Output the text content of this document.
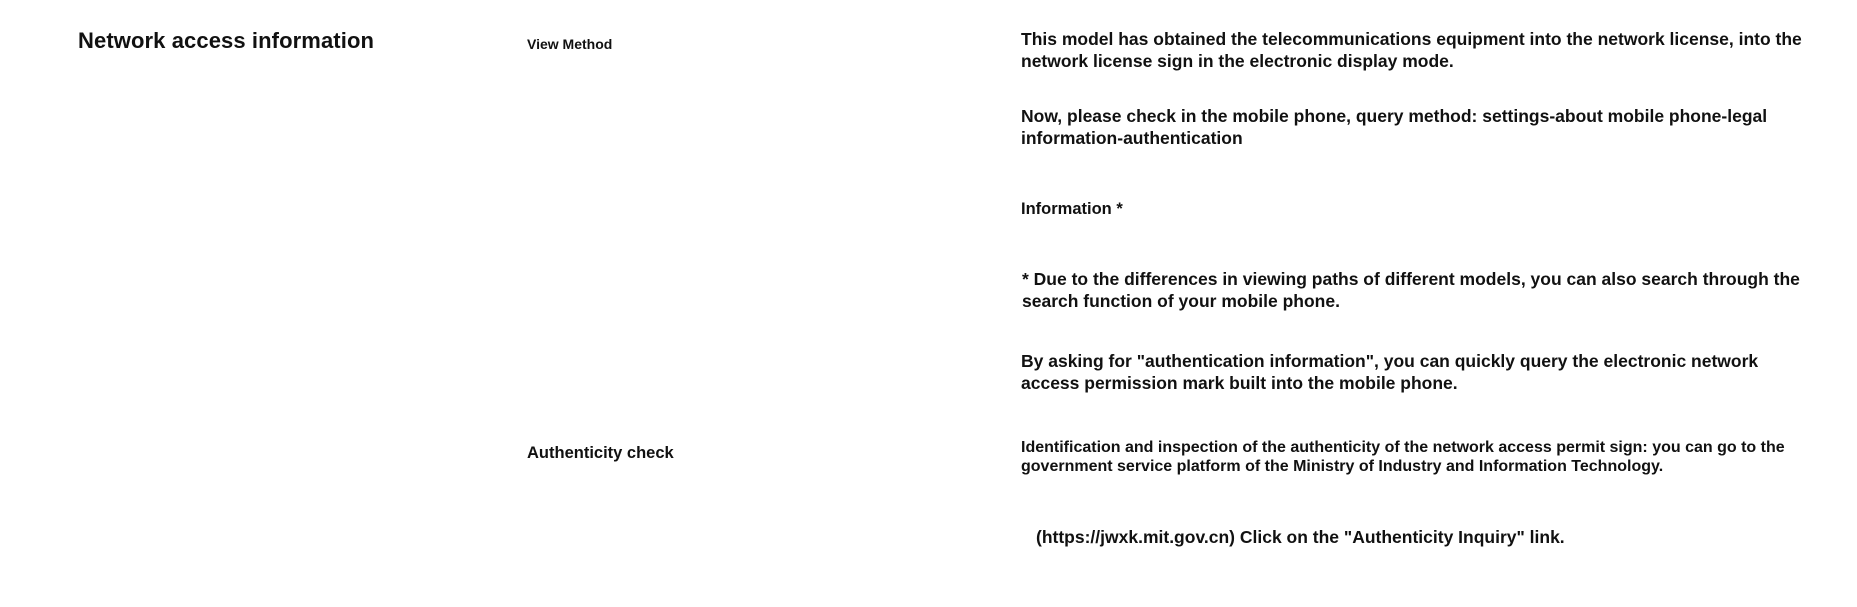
Network access information	View Method	This model has obtained the telecommunications equipment into the network license, into the network license sign in the electronic display mode.

Now, please check in the mobile phone, query method: settings-about mobile phone-legal information-authentication

Information *

* Due to the differences in viewing paths of different models, you can also search through the search function of your mobile phone.

By asking for "authentication information", you can quickly query the electronic network access permission mark built into the mobile phone.

Authenticity check	Identification and inspection of the authenticity of the network access permit sign: you can go to the government service platform of the Ministry of Industry and Information Technology.

(https://jwxk.mit.gov.cn) Click on the "Authenticity Inquiry" link.
